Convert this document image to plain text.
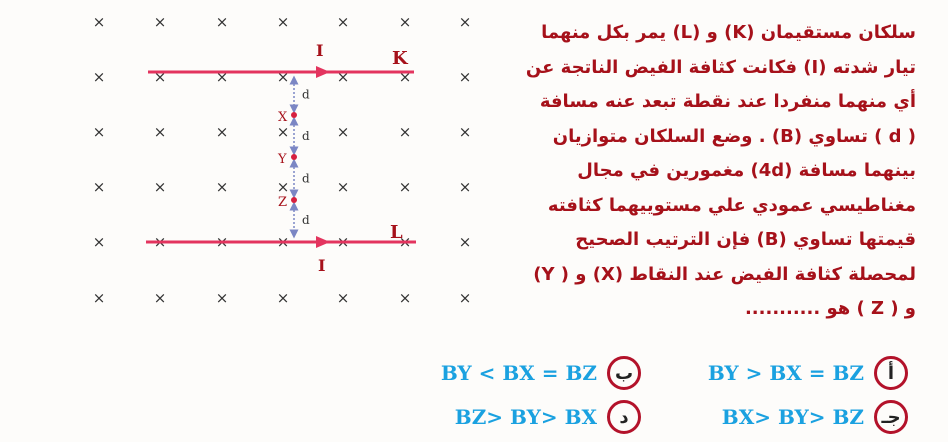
×	×	×	×	×	×	×
×	×	×	×	×	×	×
×	×	×	×	×	×	×
×	×	×	×	×	×	×
×	×	×	×	×	×	×
×	×	×	×	×	×	×
I	K
I
L
d
d
d
d
X
Y
Z

سلكان مستقيمان (K) و (L) يمر بكل منهما

تيار شدته (I) فكانت كثافة الفيض الناتجة عن

أي منهما منفردا عند نقطة تبعد عنه مسافة

( d ) تساوي (B) . وضع السلكان متوازيان

بينهما مسافة (4d) مغمورين في مجال

مغناطيسي عمودي علي مستوييهما كثافته

قيمتها تساوي (B) فإن الترتيب الصحيح

لمحصلة كثافة الفيض عند النقاط (X) و ( Y)

و ( Z ) هو ...........

أ
BY > BX = BZ
ب
BY < BX = BZ
جـ
BX> BY> BZ
د
BZ> BY> BX
